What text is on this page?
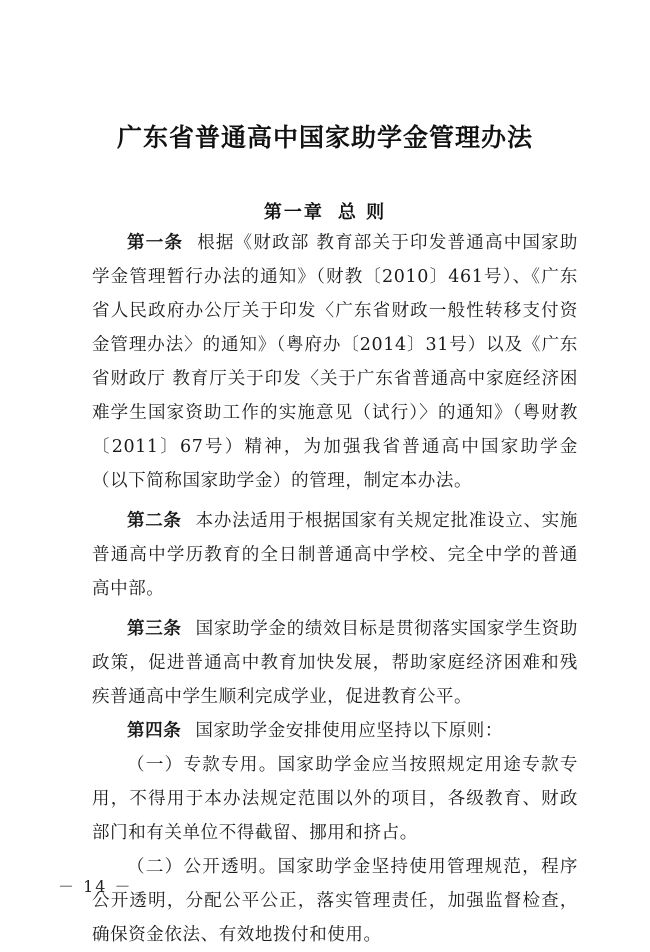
广东省普通高中国家助学金管理办法
第一章 总 则

第一条 根据《财政部 教育部关于印发普通高中国家助学金管理暂行办法的通知》（财教〔2010〕461号）、《广东省人民政府办公厅关于印发〈广东省财政一般性转移支付资金管理办法〉的通知》（粤府办〔2014〕31号）以及《广东省财政厅 教育厅关于印发〈关于广东省普通高中家庭经济困难学生国家资助工作的实施意见（试行）〉的通知》（粤财教〔2011〕67号）精神，为加强我省普通高中国家助学金（以下简称国家助学金）的管理，制定本办法。

第二条 本办法适用于根据国家有关规定批准设立、实施普通高中学历教育的全日制普通高中学校、完全中学的普通高中部。

第三条 国家助学金的绩效目标是贯彻落实国家学生资助政策，促进普通高中教育加快发展，帮助家庭经济困难和残疾普通高中学生顺利完成学业，促进教育公平。

第四条 国家助学金安排使用应坚持以下原则：

（一）专款专用。国家助学金应当按照规定用途专款专用，不得用于本办法规定范围以外的项目，各级教育、财政部门和有关单位不得截留、挪用和挤占。

（二）公开透明。国家助学金坚持使用管理规范，程序公开透明，分配公平公正，落实管理责任，加强监督检查，确保资金依法、有效地拨付和使用。

－ 14 －
